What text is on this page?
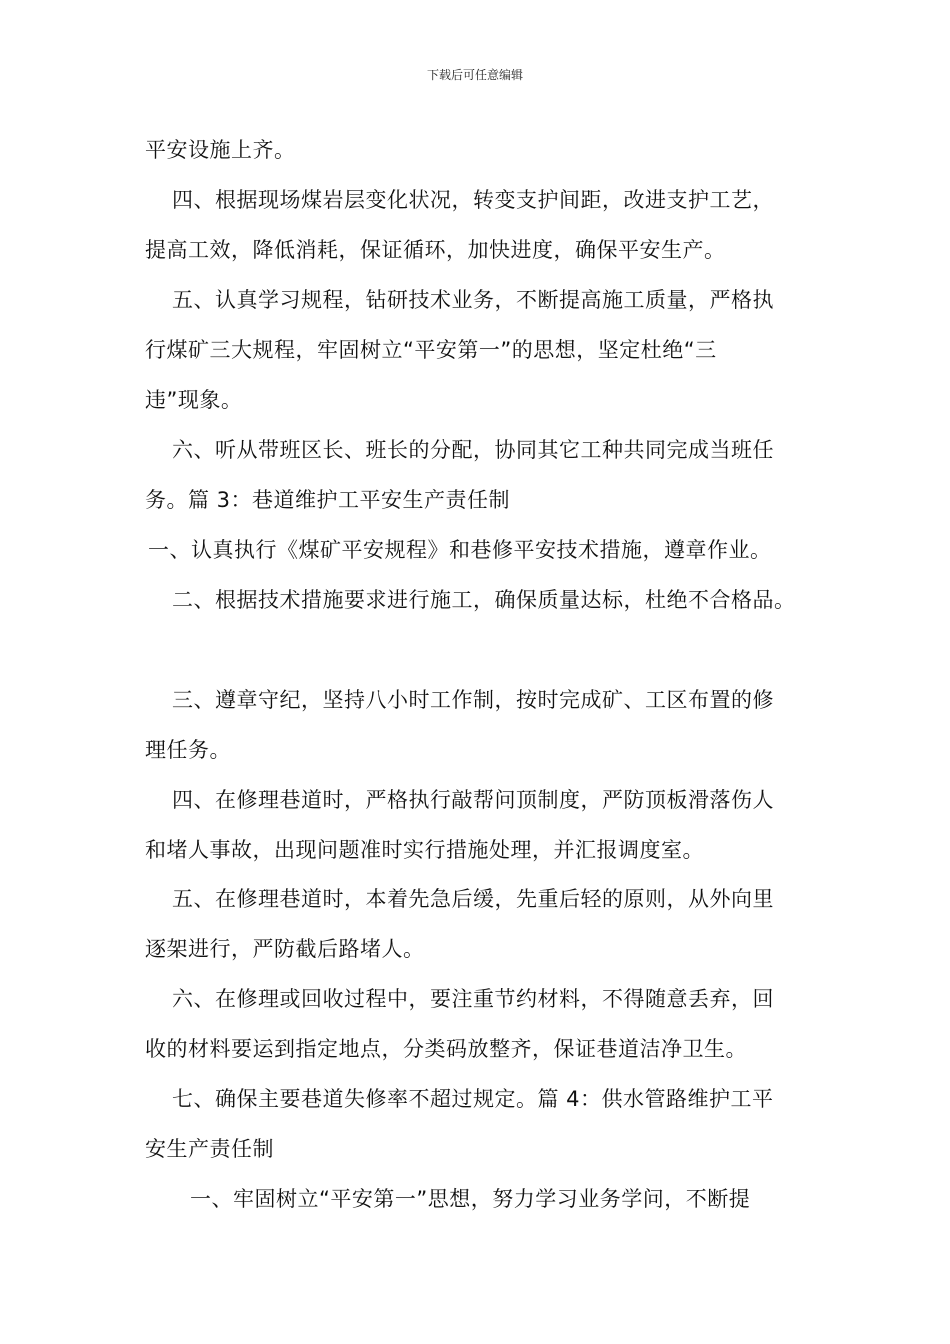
下载后可任意编辑
平安设施上齐。
四、根据现场煤岩层变化状况，转变支护间距，改进支护工艺，
提高工效，降低消耗，保证循环，加快进度，确保平安生产。
五、认真学习规程，钻研技术业务，不断提高施工质量，严格执
行煤矿三大规程，牢固树立“平安第一”的思想，坚定杜绝“三
违”现象。
六、听从带班区长、班长的分配，协同其它工种共同完成当班任
务。篇 3：巷道维护工平安生产责任制
一、认真执行《煤矿平安规程》和巷修平安技术措施，遵章作业。
二、根据技术措施要求进行施工，确保质量达标，杜绝不合格品。
三、遵章守纪，坚持八小时工作制，按时完成矿、工区布置的修
理任务。
四、在修理巷道时，严格执行敲帮问顶制度，严防顶板滑落伤人
和堵人事故，出现问题准时实行措施处理，并汇报调度室。
五、在修理巷道时，本着先急后缓，先重后轻的原则，从外向里
逐架进行，严防截后路堵人。
六、在修理或回收过程中，要注重节约材料，不得随意丢弃，回
收的材料要运到指定地点，分类码放整齐，保证巷道洁净卫生。
七、确保主要巷道失修率不超过规定。篇 4：供水管路维护工平
安生产责任制
一、牢固树立“平安第一”思想，努力学习业务学问，不断提
